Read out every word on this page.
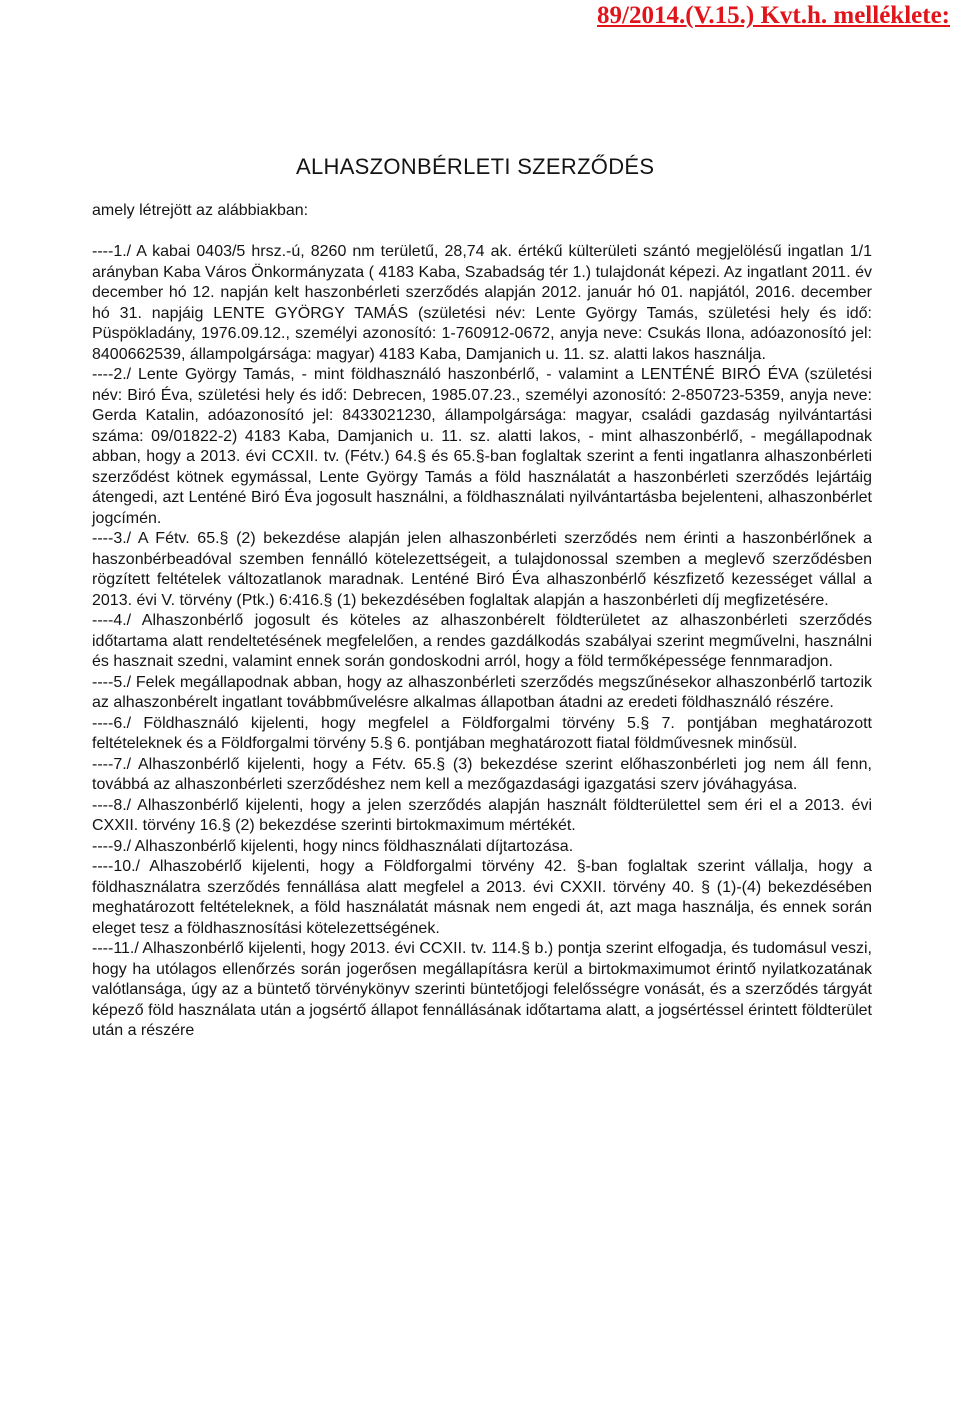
89/2014.(V.15.) Kvt.h. melléklete:
ALHASZONBÉRLETI SZERZŐDÉS
amely létrejött az alábbiakban:

----1./ A kabai 0403/5 hrsz.-ú, 8260 nm területű, 28,74 ak. értékű külterületi szántó megjelölésű ingatlan 1/1 arányban Kaba Város Önkormányzata ( 4183 Kaba, Szabadság tér 1.) tulajdonát képezi. Az ingatlant 2011. év december hó 12. napján kelt haszonbérleti szerződés alapján 2012. január hó 01. napjától, 2016. december hó 31. napjáig LENTE GYÖRGY TAMÁS (születési név: Lente György Tamás, születési hely és idő: Püspökladány, 1976.09.12., személyi azonosító: 1-760912-0672, anyja neve: Csukás Ilona, adóazonosító jel: 8400662539, állampolgársága: magyar) 4183 Kaba, Damjanich u. 11. sz. alatti lakos használja.

----2./ Lente György Tamás, - mint földhasználó haszonbérlő, - valamint a LENTÉNÉ BIRÓ ÉVA (születési név: Biró Éva, születési hely és idő: Debrecen, 1985.07.23., személyi azonosító: 2-850723-5359, anyja neve: Gerda Katalin, adóazonosító jel: 8433021230, állampolgársága: magyar, családi gazdaság nyilvántartási száma: 09/01822-2) 4183 Kaba, Damjanich u. 11. sz. alatti lakos, - mint alhaszonbérlő, - megállapodnak abban, hogy a 2013. évi CCXII. tv. (Fétv.) 64.§ és 65.§-ban foglaltak szerint a fenti ingatlanra alhaszonbérleti szerződést kötnek egymással, Lente György Tamás a föld használatát a haszonbérleti szerződés lejártáig átengedi, azt Lenténé Biró Éva jogosult használni, a földhasználati nyilvántartásba bejelenteni, alhaszonbérlet jogcímén.

----3./ A Fétv. 65.§ (2) bekezdése alapján jelen alhaszonbérleti szerződés nem érinti a haszonbérlőnek a haszonbérbeadóval szemben fennálló kötelezettségeit, a tulajdonossal szemben a meglevő szerződésben rögzített feltételek változatlanok maradnak. Lenténé Biró Éva alhaszonbérlő készfizető kezességet vállal a 2013. évi V. törvény (Ptk.) 6:416.§ (1) bekezdésében foglaltak alapján a haszonbérleti díj megfizetésére.

----4./ Alhaszonbérlő jogosult és köteles az alhaszonbérelt földterületet az alhaszonbérleti szerződés időtartama alatt rendeltetésének megfelelően, a rendes gazdálkodás szabályai szerint megművelni, használni és hasznait szedni, valamint ennek során gondoskodni arról, hogy a föld termőképessége fennmaradjon.

----5./ Felek megállapodnak abban, hogy az alhaszonbérleti szerződés megszűnésekor alhaszonbérlő tartozik az alhaszonbérelt ingatlant továbbművelésre alkalmas állapotban átadni az eredeti földhasználó részére.

----6./ Földhasználó kijelenti, hogy megfelel a Földforgalmi törvény 5.§ 7. pontjában meghatározott feltételeknek és a Földforgalmi törvény 5.§ 6. pontjában meghatározott fiatal földművesnek minősül.

----7./ Alhaszonbérlő kijelenti, hogy a Fétv. 65.§ (3) bekezdése szerint előhaszonbérleti jog nem áll fenn, továbbá az alhaszonbérleti szerződéshez nem kell a mezőgazdasági igazgatási szerv jóváhagyása.

----8./ Alhaszonbérlő kijelenti, hogy a jelen szerződés alapján használt földterülettel sem éri el a 2013. évi CXXII. törvény 16.§ (2) bekezdése szerinti birtokmaximum mértékét.

----9./ Alhaszonbérlő kijelenti, hogy nincs földhasználati díjtartozása.

----10./ Alhaszobérlő kijelenti, hogy a Földforgalmi törvény 42. §-ban foglaltak szerint vállalja, hogy a földhasználatra szerződés fennállása alatt megfelel a 2013. évi CXXII. törvény 40. § (1)-(4) bekezdésében meghatározott feltételeknek, a föld használatát másnak nem engedi át, azt maga használja, és ennek során eleget tesz a földhasznosítási kötelezettségének.

----11./ Alhaszonbérlő kijelenti, hogy 2013. évi CCXII. tv. 114.§ b.) pontja szerint elfogadja, és tudomásul veszi, hogy ha utólagos ellenőrzés során jogerősen megállapításra kerül a birtokmaximumot érintő nyilatkozatának valótlansága, úgy az a büntető törvénykönyv szerinti büntetőjogi felelősségre vonását, és a szerződés tárgyát képező föld használata után a jogsértő állapot fennállásának időtartama alatt, a jogsértéssel érintett földterület után a részére
